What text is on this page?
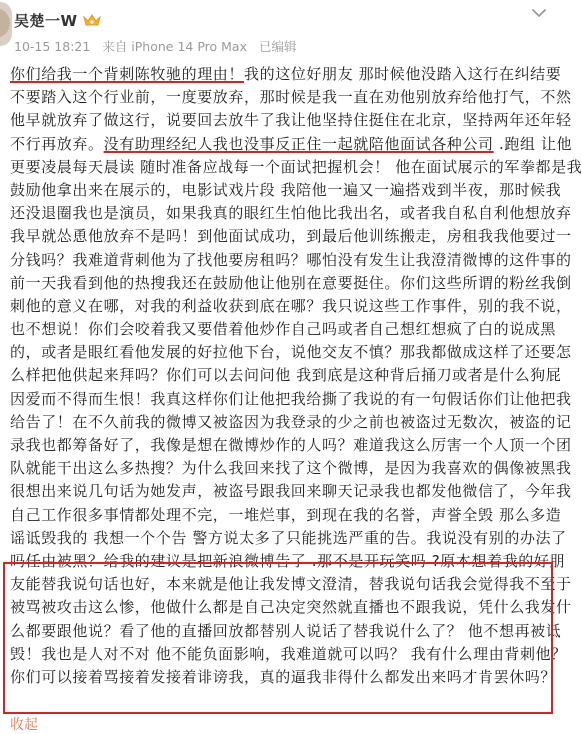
吴楚一W
10-15 18:21 来自 iPhone 14 Pro Max 已编辑
你们给我一个背刺陈牧驰的理由！我的这位好朋友 那时候他没踏入这行在纠结要
不要踏入这个行业前，一度要放弃，那时候是我一直在劝他别放弃给他打气，不然
他早就放弃了做这行，说要回去放牛了我让他坚持住挺住在北京，坚持两年还年轻
不行再放弃。没有助理经纪人我也没事反正住一起就陪他面试各种公司 .跑组 让他
更要凌晨每天晨读 随时准备应战每一个面试把握机会！ 他在面试展示的军拳都是我
鼓励他拿出来在展示的，电影试戏片段 我陪他一遍又一遍搭戏到半夜，那时候我
还没退圈我也是演员，如果我真的眼红生怕他比我出名，或者我自私自利他想放弃
我早就怂恿他放弃不是吗！到他面试成功，到最后他训练搬走，房租我我他要过一
分钱吗？我难道背刺他为了找他要房租吗？哪怕没有发生让我澄清微博的这件事的
前一天我看到他的热搜我还在鼓励他让他别在意要挺住。你们这些所谓的粉丝我倒
刺他的意义在哪，对我的利益收获到底在哪？我只说这些工作事件，别的我不说，
也不想说！你们会咬着我又要借着他炒作自己吗或者自己想红想疯了白的说成黑
的，或者是眼红看他发展的好拉他下台，说他交友不慎？那我都做成这样了还要怎
么样把他供起来拜吗？你们可以去问问他 我到底是这种背后捅刀或者是什么狗屁
因爱而不得而生恨！我真这样你们让他把我给撕了我说的有一句假话你们让他把我
给告了！在不久前我的微博又被盗因为我登录的少之前也被盗过无数次，被盗的记
录我也都筹备好了，我像是想在微博炒作的人吗？难道我这么厉害一个人顶一个团
队就能干出这么多热搜？为什么我回来找了这个微博，是因为我喜欢的偶像被黑我
很想出来说几句话为她发声，被盗号跟我回来聊天记录我也都发他微信了，今年我
自己工作很多事情都处理不完，一堆烂事，到现在我的名誉，声誉全毁 那么多造
谣诋毁我的 我想一个个告 警方说太多了只能挑选严重的告。我说没有别的办法了
吗任由被黑？给我的建议是把新浪微博告了 .那不是开玩笑吗 ?原本想着我的好朋
友能替我说句话也好，本来就是他让我发博文澄清，替我说句话我会觉得我不至于
被骂被攻击这么惨，他做什么都是自己决定突然就直播也不跟我说，凭什么我发什
么都要跟他说？看了他的直播回放都替别人说话了替我说什么了？ 他不想再被诋
毁！我也是人对不对 他不能负面影响，我难道就可以吗？ 我有什么理由背刺他？
你们可以接着骂接着发接着诽谤我，真的逼我非得什么都发出来吗才肯罢休吗？
收起
